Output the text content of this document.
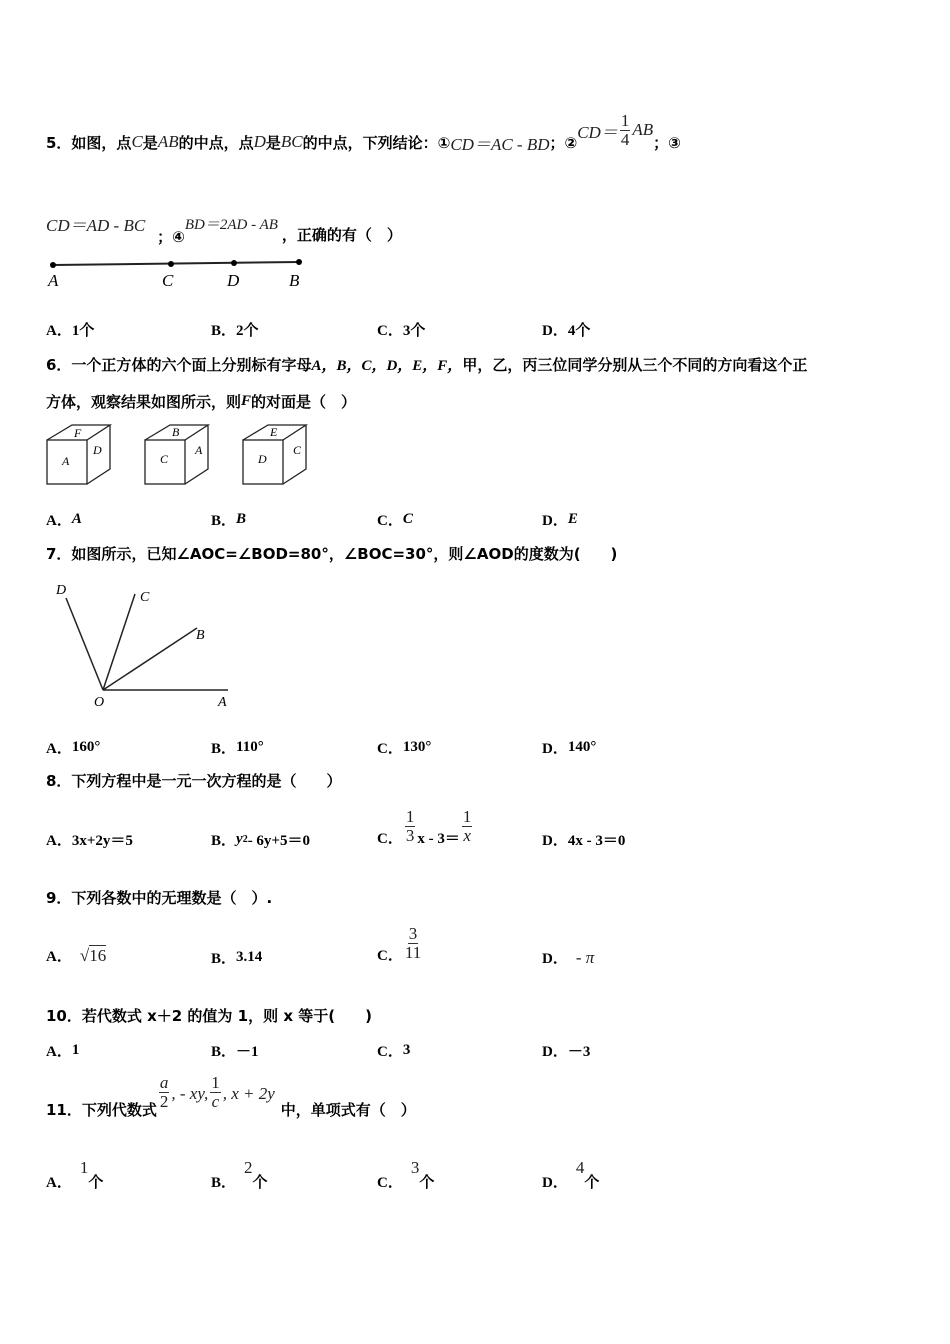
5．如图，点 C 是 AB 的中点，点 D 是 BC 的中点，下列结论：① CD＝AC - BD ；②
$CD= \frac{1}{4}$ AB
；③
CD＝AD - BC
；④
BD＝2AD - AB
，正确的有（　）
A	C	D	B
A． 1个	B． 2个	C． 3个	D． 4个
6．一个正方体的六个面上分别标有字母 A，B，C，D，E，F， 甲，乙，丙三位同学分别从三个不同的方向看这个正
方体，观察结果如图所示，则 F 的对面是（　）
F
A
D
B
C
A
E
D
C
A． A	B． B	C． C	D． E
7．如图所示，已知∠AOC=∠BOD=80°，∠BOC=30°，则∠AOD的度数为(　　)
D	C
B
O	A
A． 160°	B． 110°	C． 130°	D． 140°
8．下列方程中是一元一次方程的是（　　）
A． 3x+2y＝5	B． y 2 - 6y+5＝0	C． $\frac{1}{3}$ $x - 3= \frac{1}{x}$	D． 4x - 3＝0
9．下列各数中的无理数是（　）.
A． √ 16	B． 3.14	C． $\frac{3}{11}$	D． - π
10．若代数式 x＋2 的值为 1，则 x 等于(　　)
A． 1	B． －1	C． 3	D． －3
11．下列代数式 $\frac{a}{2}$ , - xy, $\frac{1}{c}$ , x + 2y
中，单项式有（　）
A．
1
个	B．
2
个	C．
3
个	D．
4
个
